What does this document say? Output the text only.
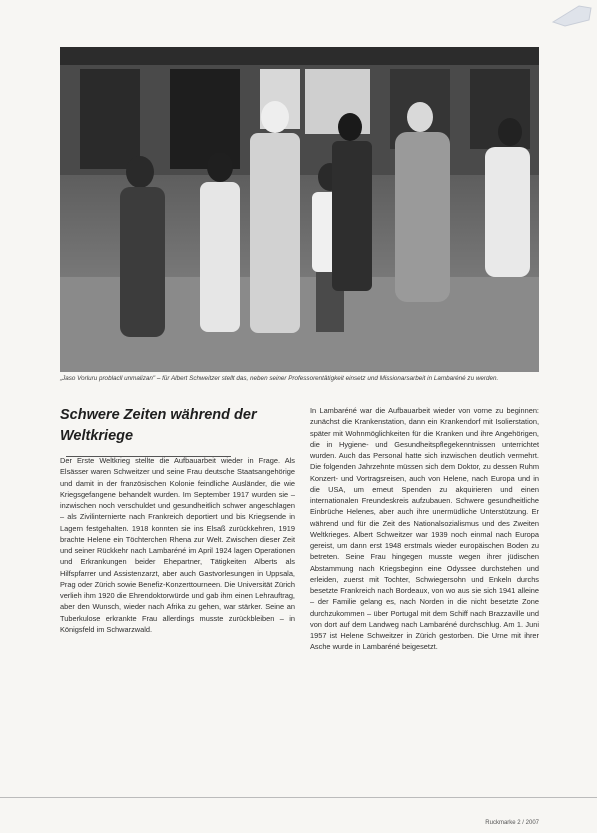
„Jaso Vorluru problacll unmalizan" – für Albert Schweitzer stellt das, neben seiner Professorentätigkeit einsetz und Missionarsarbeit in Lambaréné zu werden.
Schwere Zeiten während der
Weltkriege
Der Erste Weltkrieg stellte die Aufbauarbeit wieder in Frage. Als Elsässer waren Schweitzer und seine Frau deutsche Staatsangehörige und damit in der französischen Kolonie feindliche Ausländer, die wie Kriegsgefangene behandelt wurden. Im September 1917 wurden sie – inzwischen noch verschuldet und gesundheitlich schwer angeschlagen – als Zivilinternierte nach Frankreich deportiert und bis Kriegsende in Lagern festgehalten. 1918 konnten sie ins Elsaß zurückkehren, 1919 brachte Helene ein Töchterchen Rhena zur Welt. Zwischen dieser Zeit und seiner Rückkehr nach Lambaréné im April 1924 lagen Operationen und Erkrankungen beider Ehepartner, Tätigkeiten Alberts als Hilfspfarrer und Assistenzarzt, aber auch Gastvorlesungen in Uppsala, Prag oder Zürich sowie Benefiz-Konzerttourneen. Die Universität Zürich verlieh ihm 1920 die Ehrendoktorwürde und gab ihm einen Lehrauftrag, aber den Wunsch, wieder nach Afrika zu gehen, war stärker. Seine an Tuberkulose erkrankte Frau allerdings musste zurückbleiben – in Königsfeld im Schwarzwald.
In Lambaréné war die Aufbauarbeit wieder von vorne zu beginnen: zunächst die Krankenstation, dann ein Krankendorf mit Isolierstation, später mit Wohnmöglichkeiten für die Kranken und ihre Angehörigen, die in Hygiene- und Gesundheitspflegekenntnissen unterrichtet wurden. Auch das Personal hatte sich inzwischen deutlich vermehrt. Die folgenden Jahrzehnte müssen sich dem Doktor, zu dessen Ruhm Konzert- und Vortragsreisen, auch von Helene, nach Europa und in die USA, um erneut Spenden zu akquirieren und einen internationalen Freundeskreis aufzubauen. Schwere gesundheitliche Einbrüche Helenes, aber auch ihre unermüdliche Unterstützung. Er während und für die Zeit des Nationalsozialismus und des Zweiten Weltkrieges. Albert Schweitzer war 1939 noch einmal nach Europa gereist, um dann erst 1948 erstmals wieder europäischen Boden zu betreten. Seine Frau hingegen musste wegen ihrer jüdischen Abstammung nach Kriegsbeginn eine Odyssee durchstehen und erleiden, zuerst mit Tochter, Schwiegersohn und Enkeln durchs besetzte Frankreich nach Bordeaux, von wo aus sie sich 1941 alleine – der Familie gelang es, nach Norden in die nicht besetzte Zone durchzukommen – über Portugal mit dem Schiff nach Brazzaville und von dort auf dem Landweg nach Lambaréné durchschlug. Am 1. Juni 1957 ist Helene Schweitzer in Zürich gestorben. Die Urne mit ihrer Asche wurde in Lambaréné beigesetzt.
Ruckmarke 2 / 2007
